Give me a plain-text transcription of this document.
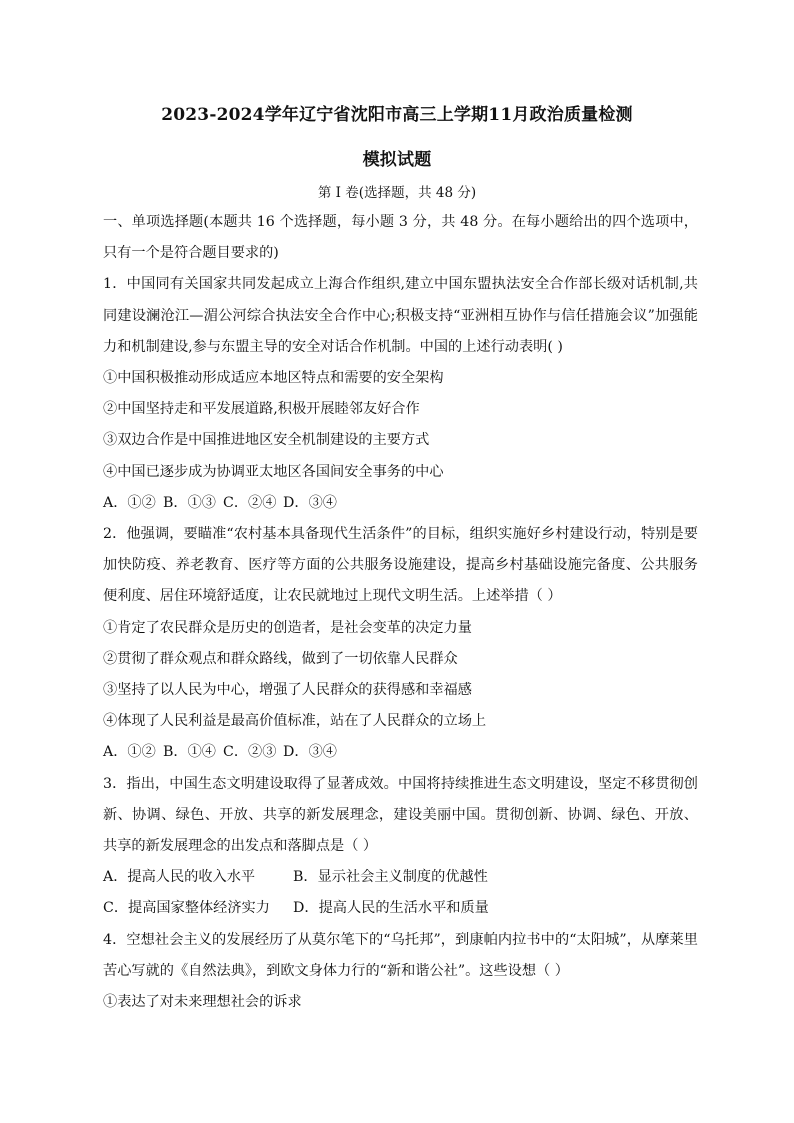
2023-2024学年辽宁省沈阳市高三上学期11月政治质量检测
模拟试题
第 I 卷(选择题，共 48 分)
一、单项选择题(本题共 16 个选择题，每小题 3 分，共 48 分。在每小题给出的四个选项中，只有一个是符合题目要求的)
1．中国同有关国家共同发起成立上海合作组织,建立中国东盟执法安全合作部长级对话机制,共同建设澜沧江—湄公河综合执法安全合作中心;积极支持“亚洲相互协作与信任措施会议”加强能力和机制建设,参与东盟主导的安全对话合作机制。中国的上述行动表明( )
①中国积极推动形成适应本地区特点和需要的安全架构
②中国坚持走和平发展道路,积极开展睦邻友好合作
③双边合作是中国推进地区安全机制建设的主要方式
④中国已逐步成为协调亚太地区各国间安全事务的中心
A．①② B．①③ C．②④ D．③④
2．他强调，要瞄准“农村基本具备现代生活条件”的目标，组织实施好乡村建设行动，特别是要加快防疫、养老教育、医疗等方面的公共服务设施建设，提高乡村基础设施完备度、公共服务便利度、居住环境舒适度，让农民就地过上现代文明生活。上述举措（ ）
①肯定了农民群众是历史的创造者，是社会变革的决定力量
②贯彻了群众观点和群众路线，做到了一切依靠人民群众
③坚持了以人民为中心，增强了人民群众的获得感和幸福感
④体现了人民利益是最高价值标准，站在了人民群众的立场上
A．①② B．①④ C．②③ D．③④
3．指出，中国生态文明建设取得了显著成效。中国将持续推进生态文明建设，坚定不移贯彻创新、协调、绿色、开放、共享的新发展理念，建设美丽中国。贯彻创新、协调、绿色、开放、共享的新发展理念的出发点和落脚点是（ ）
A．提高人民的收入水平	B．显示社会主义制度的优越性
C．提高国家整体经济实力	D．提高人民的生活水平和质量
4．空想社会主义的发展经历了从莫尔笔下的“乌托邦”，到康帕内拉书中的“太阳城”，从摩莱里苦心写就的《自然法典》，到欧文身体力行的“新和谐公社”。这些设想（ ）
①表达了对未来理想社会的诉求
